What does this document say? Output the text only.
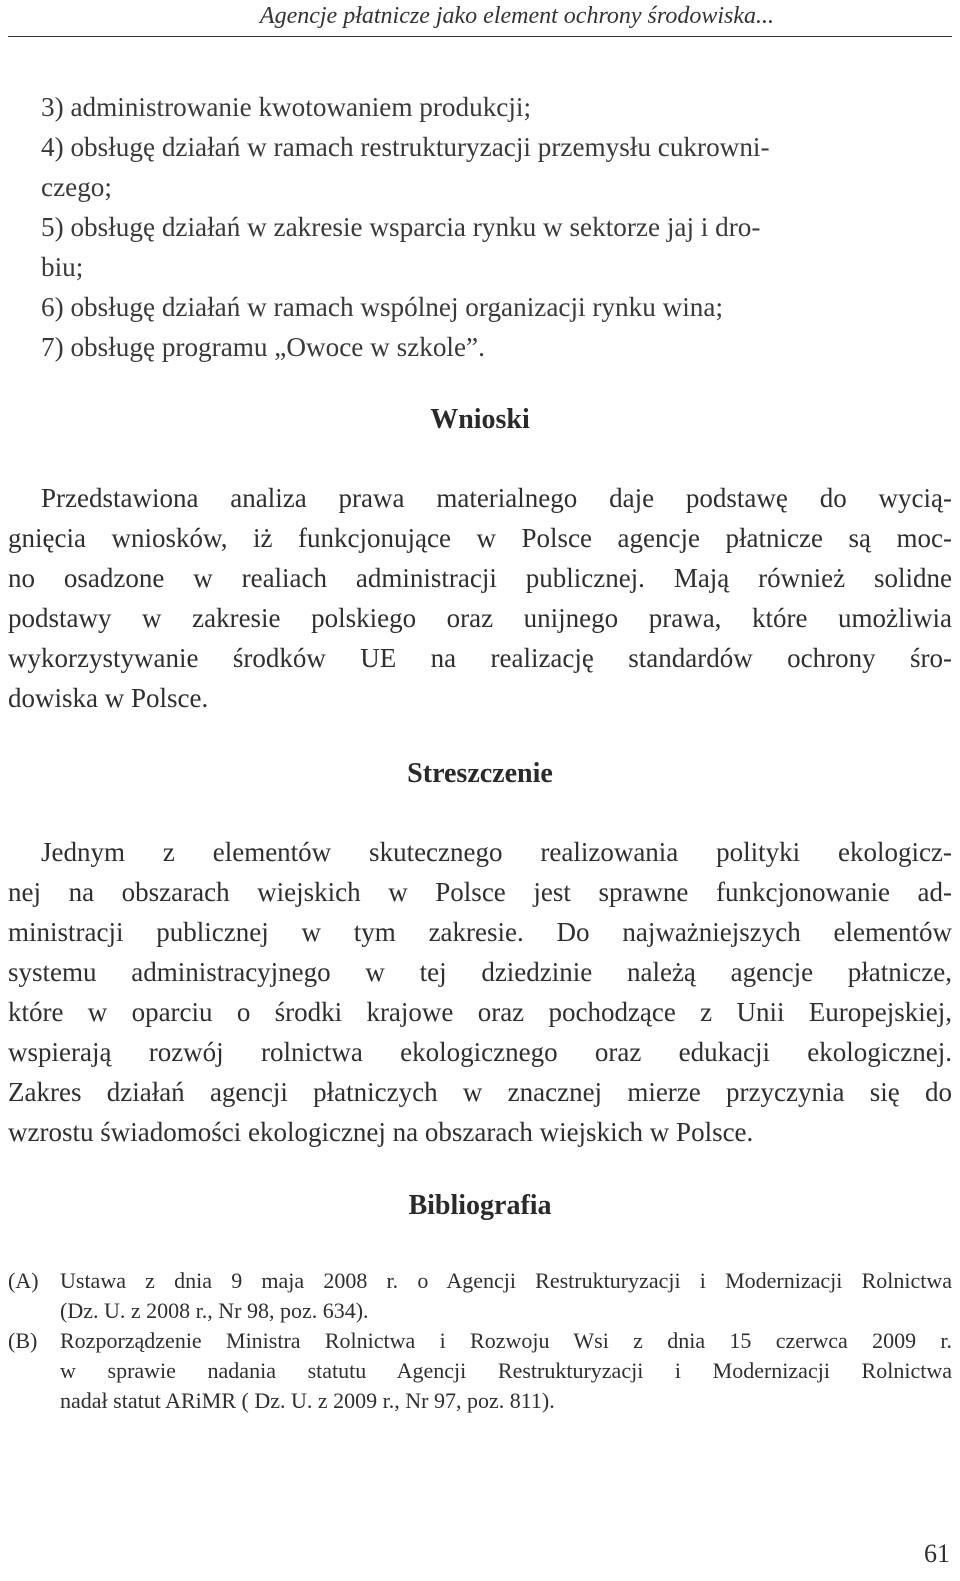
Agencje płatnicze jako element ochrony środowiska...
3) administrowanie kwotowaniem produkcji;
4) obsługę działań w ramach restrukturyzacji przemysłu cukrowni-
czego;
5) obsługę działań w zakresie wsparcia rynku w sektorze jaj i dro-
biu;
6) obsługę działań w ramach wspólnej organizacji rynku wina;
7) obsługę programu „Owoce w szkole”.
Wnioski
Przedstawiona analiza prawa materialnego daje podstawę do wycią-
gnięcia wniosków, iż funkcjonujące w Polsce agencje płatnicze są moc-
no osadzone w realiach administracji publicznej. Mają również solidne
podstawy w zakresie polskiego oraz unijnego prawa, które umożliwia
wykorzystywanie środków UE na realizację standardów ochrony śro-
dowiska w Polsce.
Streszczenie
Jednym z elementów skutecznego realizowania polityki ekologicz-
nej na obszarach wiejskich w Polsce jest sprawne funkcjonowanie ad-
ministracji publicznej w tym zakresie. Do najważniejszych elementów
systemu administracyjnego w tej dziedzinie należą agencje płatnicze,
które w oparciu o środki krajowe oraz pochodzące z Unii Europejskiej,
wspierają rozwój rolnictwa ekologicznego oraz edukacji ekologicznej.
Zakres działań agencji płatniczych w znacznej mierze przyczynia się do
wzrostu świadomości ekologicznej na obszarach wiejskich w Polsce.
Bibliografia
(A) Ustawa z dnia 9 maja 2008 r. o Agencji Restrukturyzacji i Modernizacji Rolnictwa
(Dz. U. z 2008 r., Nr 98, poz. 634).
(B) Rozporządzenie Ministra Rolnictwa i Rozwoju Wsi z dnia 15 czerwca 2009 r.
w sprawie nadania statutu Agencji Restrukturyzacji i Modernizacji Rolnictwa
nadał statut ARiMR ( Dz. U. z 2009 r., Nr 97, poz. 811).
61
